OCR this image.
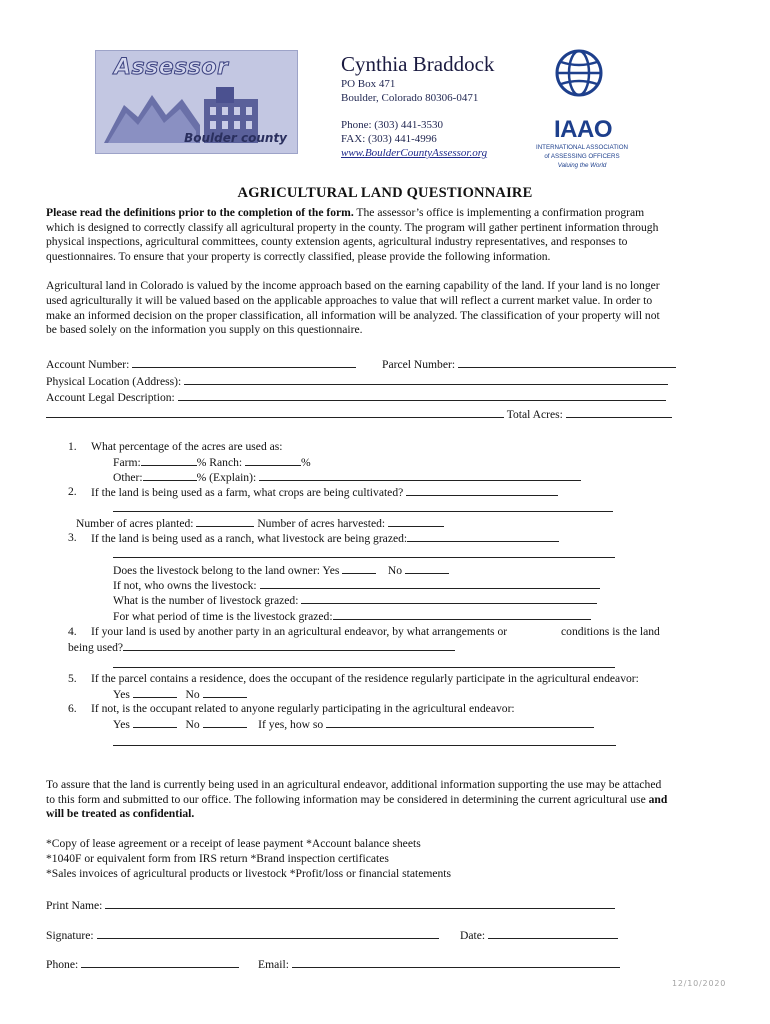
Assessor
Boulder county
Cynthia Braddock
PO Box 471
Boulder, Colorado 80306-0471
Phone: (303) 441-3530
FAX: (303) 441-4996
www.BoulderCountyAssessor.org
IAAO
INTERNATIONAL ASSOCIATION
of ASSESSING OFFICERS
Valuing the World
AGRICULTURAL LAND QUESTIONNAIRE
Please read the definitions prior to the completion of the form. The assessor’s office is implementing a confirmation program
which is designed to correctly classify all agricultural property in the county. The program will gather pertinent information through
physical inspections, agricultural committees, county extension agents, agricultural industry representatives, and responses to
questionnaires. To ensure that your property is correctly classified, please provide the following information.
Agricultural land in Colorado is valued by the income approach based on the earning capability of the land. If your land is no longer
used agriculturally it will be valued based on the applicable approaches to value that will reflect a current market value. In order to
make an informed decision on the proper classification, all information will be analyzed. The classification of your property will not
be based solely on the information you supply on this questionnaire.
Account Number:	Parcel Number:
Physical Location (Address):
Account Legal Description:
Total Acres:
1. What percentage of the acres are used as:
Farm:	% Ranch:	%
Other:	% (Explain):
2. If the land is being used as a farm, what crops are being cultivated?
Number of acres planted:	Number of acres harvested:
3. If the land is being used as a ranch, what livestock are being grazed:
Does the livestock belong to the land owner: Yes	No
If not, who owns the livestock:
What is the number of livestock grazed:
For what period of time is the livestock grazed:
4. If your land is used by another party in an agricultural endeavor, by what arrangements or	conditions is the land
being used?
5. If the parcel contains a residence, does the occupant of the residence regularly participate in the agricultural endeavor:
Yes	No
6. If not, is the occupant related to anyone regularly participating in the agricultural endeavor:
Yes	No	If yes, how so
To assure that the land is currently being used in an agricultural endeavor, additional information supporting the use may be attached
to this form and submitted to our office. The following information may be considered in determining the current agricultural use and
will be treated as confidential.
*Copy of lease agreement or a receipt of lease payment *Account balance sheets
*1040F or equivalent form from IRS return *Brand inspection certificates
*Sales invoices of agricultural products or livestock *Profit/loss or financial statements
Print Name:
Signature:	Date:
Phone:	Email:
12/10/2020
